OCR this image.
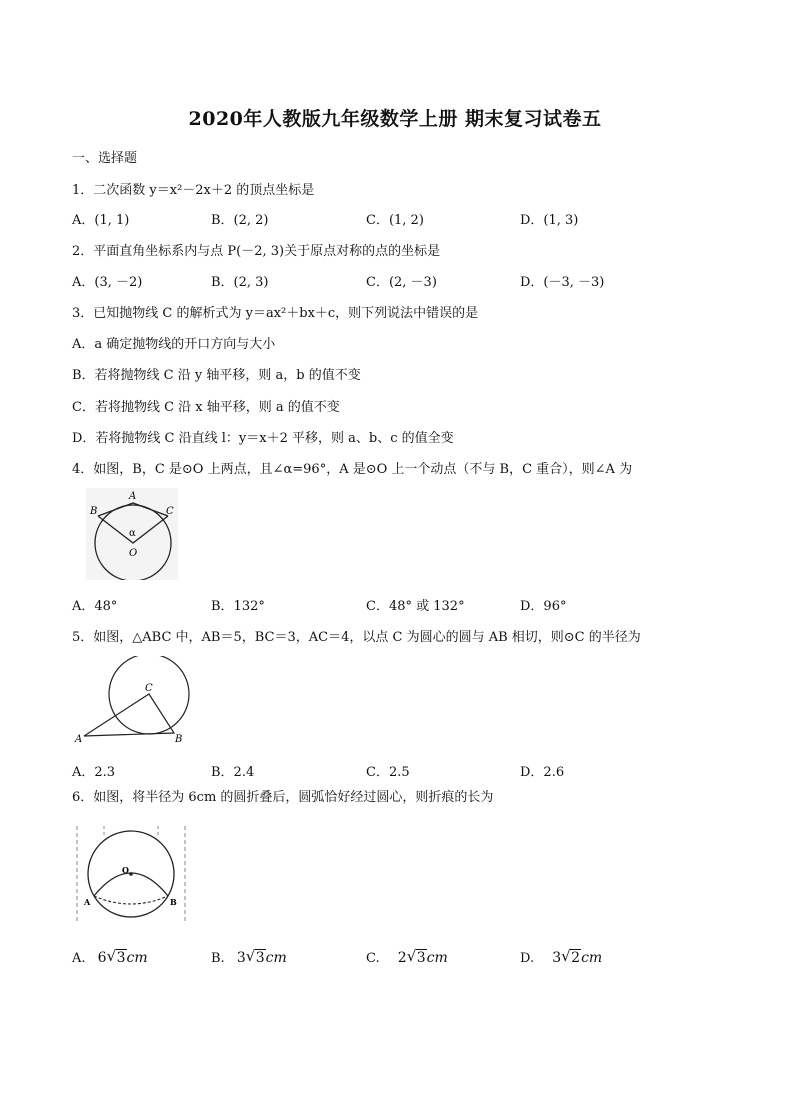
2020年人教版九年级数学上册 期末复习试卷五
一、选择题
1．二次函数 y＝x²－2x＋2 的顶点坐标是
A．(1, 1)	B．(2, 2)	C．(1, 2)	D．(1, 3)
2．平面直角坐标系内与点 P(－2, 3)关于原点对称的点的坐标是
A．(3, －2)	B．(2, 3)	C．(2, －3)	D．(－3, －3)
3．已知抛物线 C 的解析式为 y＝ax²＋bx＋c，则下列说法中错误的是
A．a 确定抛物线的开口方向与大小
B．若将抛物线 C 沿 y 轴平移，则 a，b 的值不变
C．若将抛物线 C 沿 x 轴平移，则 a 的值不变
D．若将抛物线 C 沿直线 l：y＝x＋2 平移，则 a、b、c 的值全变
4．如图，B，C 是⊙O 上两点，且∠α=96°，A 是⊙O 上一个动点（不与 B，C 重合），则∠A 为
A
B	C
O
α
A．48°	B．132°	C．48° 或 132°	D．96°
5．如图，△ABC 中，AB＝5，BC＝3，AC＝4，以点 C 为圆心的圆与 AB 相切，则⊙C 的半径为
C
A	B
A．2.3	B．2.4	C．2.5	D．2.6
6．如图，将半径为 6cm 的圆折叠后，圆弧恰好经过圆心，则折痕的长为
O
A	B
A. 6 √ 3cm	B. 3 √ 3cm	C. 2 √ 3cm	D. 3 √ 2cm
